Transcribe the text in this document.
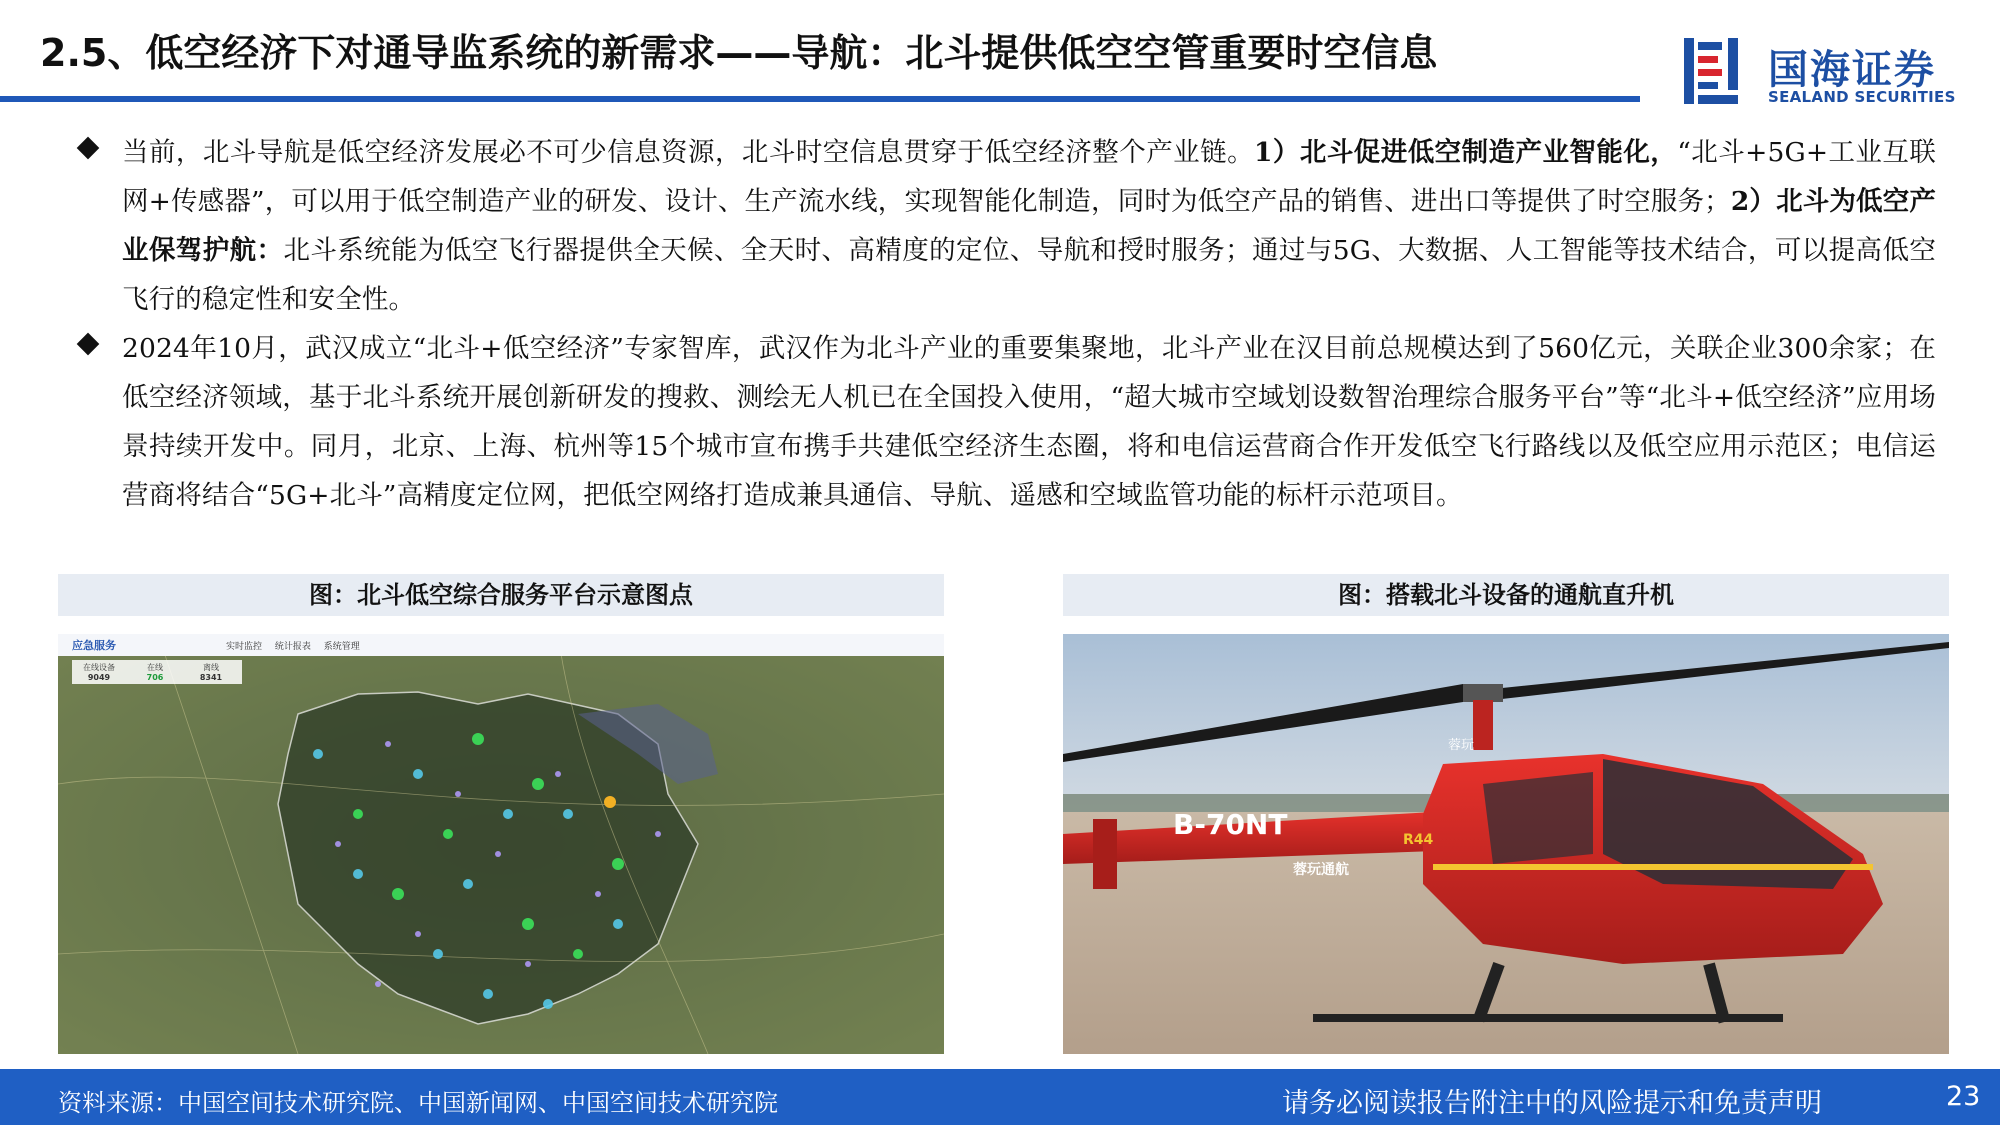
2.5、低空经济下对通导监系统的新需求——导航：北斗提供低空空管重要时空信息	国海证券
SEALAND SECURITIES
当前，北斗导航是低空经济发展必不可少信息资源，北斗时空信息贯穿于低空经济整个产业链。1）北斗促进低空制造产业智能化，“北斗+5G+工业互联网+传感器”，可以用于低空制造产业的研发、设计、生产流水线，实现智能化制造，同时为低空产品的销售、进出口等提供了时空服务；2）北斗为低空产业保驾护航：北斗系统能为低空飞行器提供全天候、全天时、高精度的定位、导航和授时服务；通过与5G、大数据、人工智能等技术结合，可以提高低空飞行的稳定性和安全性。
2024年10月，武汉成立“北斗+低空经济”专家智库，武汉作为北斗产业的重要集聚地，北斗产业在汉目前总规模达到了560亿元，关联企业300余家；在低空经济领域，基于北斗系统开展创新研发的搜救、测绘无人机已在全国投入使用，“超大城市空域划设数智治理综合服务平台”等“北斗+低空经济”应用场景持续开发中。同月，北京、上海、杭州等15个城市宣布携手共建低空经济生态圈，将和电信运营商合作开发低空飞行路线以及低空应用示范区；电信运营商将结合“5G+北斗”高精度定位网，把低空网络打造成兼具通信、导航、遥感和空域监管功能的标杆示范项目。
图：北斗低空综合服务平台示意图点
应急服务	实时监控 统计报表 系统管理
在线设备
9049
在线
706
离线
8341
图：搭载北斗设备的通航直升机
B-70NT	R44
蓉玩通航
蓉玩
资料来源：中国空间技术研究院、中国新闻网、中国空间技术研究院	请务必阅读报告附注中的风险提示和免责声明	23
